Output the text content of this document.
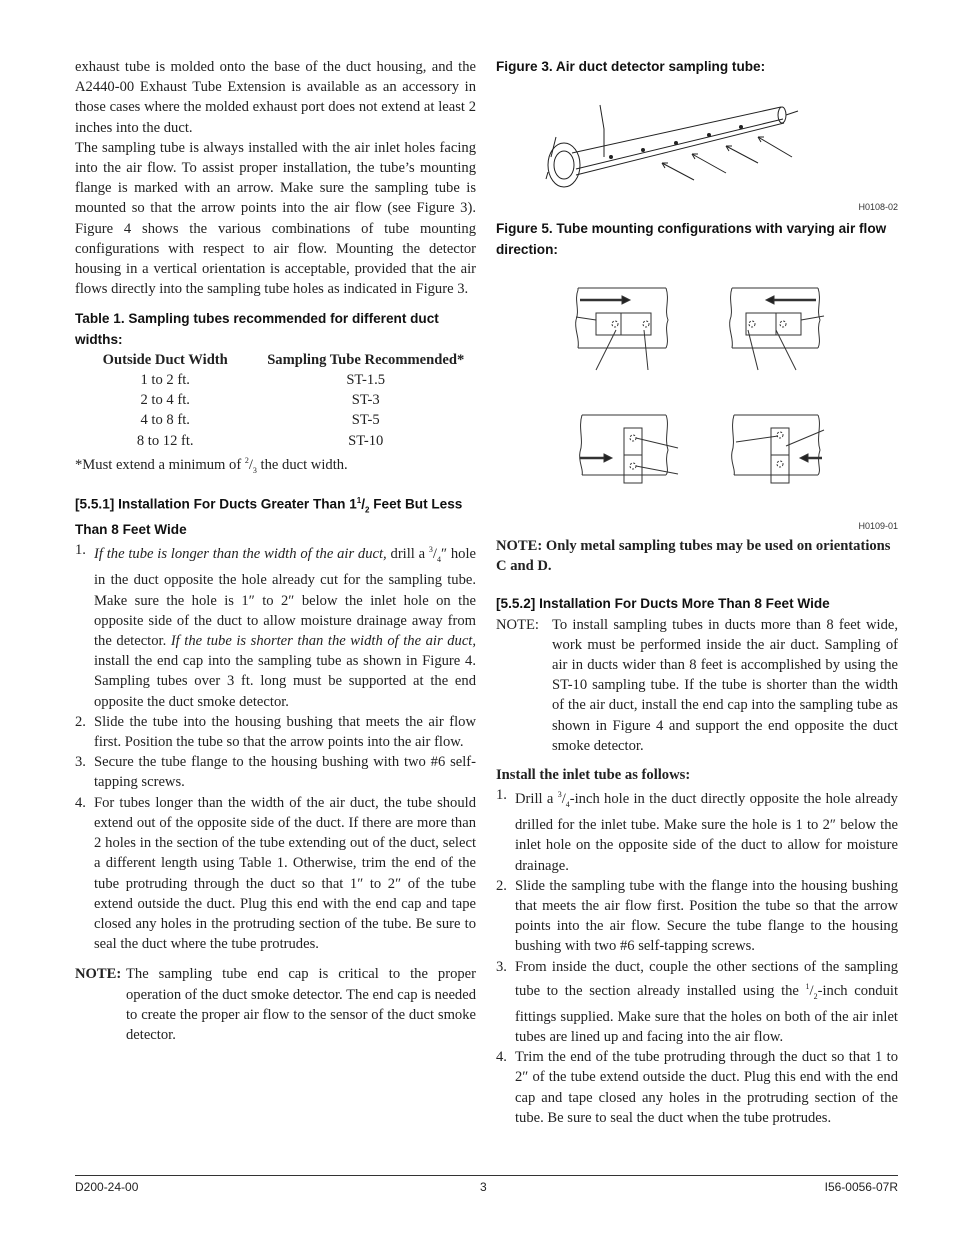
exhaust tube is molded onto the base of the duct housing, and the A2440-00 Exhaust Tube Extension is available as an accessory in those cases where the molded exhaust port does not extend at least 2 inches into the duct.

The sampling tube is always installed with the air inlet holes facing into the air flow. To assist proper installation, the tube’s mounting flange is marked with an arrow. Make sure the sampling tube is mounted so that the arrow points into the air flow (see Figure 3). Figure 4 shows the various combinations of tube mounting configurations with respect to air flow. Mounting the detector housing in a vertical orientation is acceptable, provided that the air flows directly into the sampling tube holes as indicated in Figure 3.

Table 1. Sampling tubes recommended for different duct widths:
Outside Duct Width	Sampling Tube Recommended*
1 to 2 ft.	ST-1.5
2 to 4 ft.	ST-3
4 to 8 ft.	ST-5
8 to 12 ft.	ST-10
*Must extend a minimum of $^2/_3$ the duct width.
[5.5.1] Installation For Ducts Greater Than $1^1/_2$ Feet But Less Than 8 Feet Wide
1. If the tube is longer than the width of the air duct, drill a $^3/_4''$ hole in the duct opposite the hole already cut for the sampling tube. Make sure the hole is 1″ to 2″ below the inlet hole on the opposite side of the duct to allow moisture drainage away from the detector. If the tube is shorter than the width of the air duct, install the end cap into the sampling tube as shown in Figure 4. Sampling tubes over 3 ft. long must be supported at the end opposite the duct smoke detector.
2. Slide the tube into the housing bushing that meets the air flow first. Position the tube so that the arrow points into the air flow.
3. Secure the tube flange to the housing bushing with two #6 self-tapping screws.
4. For tubes longer than the width of the air duct, the tube should extend out of the opposite side of the duct. If there are more than 2 holes in the section of the tube extending out of the duct, select a different length using Table 1. Otherwise, trim the end of the tube protruding through the duct so that 1″ to 2″ of the tube extend outside the duct. Plug this end with the end cap and tape closed any holes in the protruding section of the tube. Be sure to seal the duct where the tube protrudes.
NOTE: The sampling tube end cap is critical to the proper operation of the duct smoke detector. The end cap is needed to create the proper air flow to the sensor of the duct smoke detector.
Figure 3. Air duct detector sampling tube:
H0108-02
Figure 5. Tube mounting configurations with varying air flow direction:
H0109-01

NOTE: Only metal sampling tubes may be used on orientations C and D.

[5.5.2] Installation For Ducts More Than 8 Feet Wide
NOTE: To install sampling tubes in ducts more than 8 feet wide, work must be performed inside the air duct. Sampling of air in ducts wider than 8 feet is accomplished by using the ST-10 sampling tube. If the tube is shorter than the width of the air duct, install the end cap into the sampling tube as shown in Figure 4 and support the end opposite the duct smoke detector.
Install the inlet tube as follows:
1. Drill a $^3/_4$-inch hole in the duct directly opposite the hole already drilled for the inlet tube. Make sure the hole is 1 to 2″ below the inlet hole on the opposite side of the duct to allow for moisture drainage.
2. Slide the sampling tube with the flange into the housing bushing that meets the air flow first. Position the tube so that the arrow points into the air flow. Secure the tube flange to the housing bushing with two #6 self-tapping screws.
3. From inside the duct, couple the other sections of the sampling tube to the section already installed using the $^1/_2$-inch conduit fittings supplied. Make sure that the holes on both of the air inlet tubes are lined up and facing into the air flow.
4. Trim the end of the tube protruding through the duct so that 1 to 2″ of the tube extend outside the duct. Plug this end with the end cap and tape closed any holes in the protruding section of the tube. Be sure to seal the duct when the tube protrudes.
D200-24-00	3	I56-0056-07R
